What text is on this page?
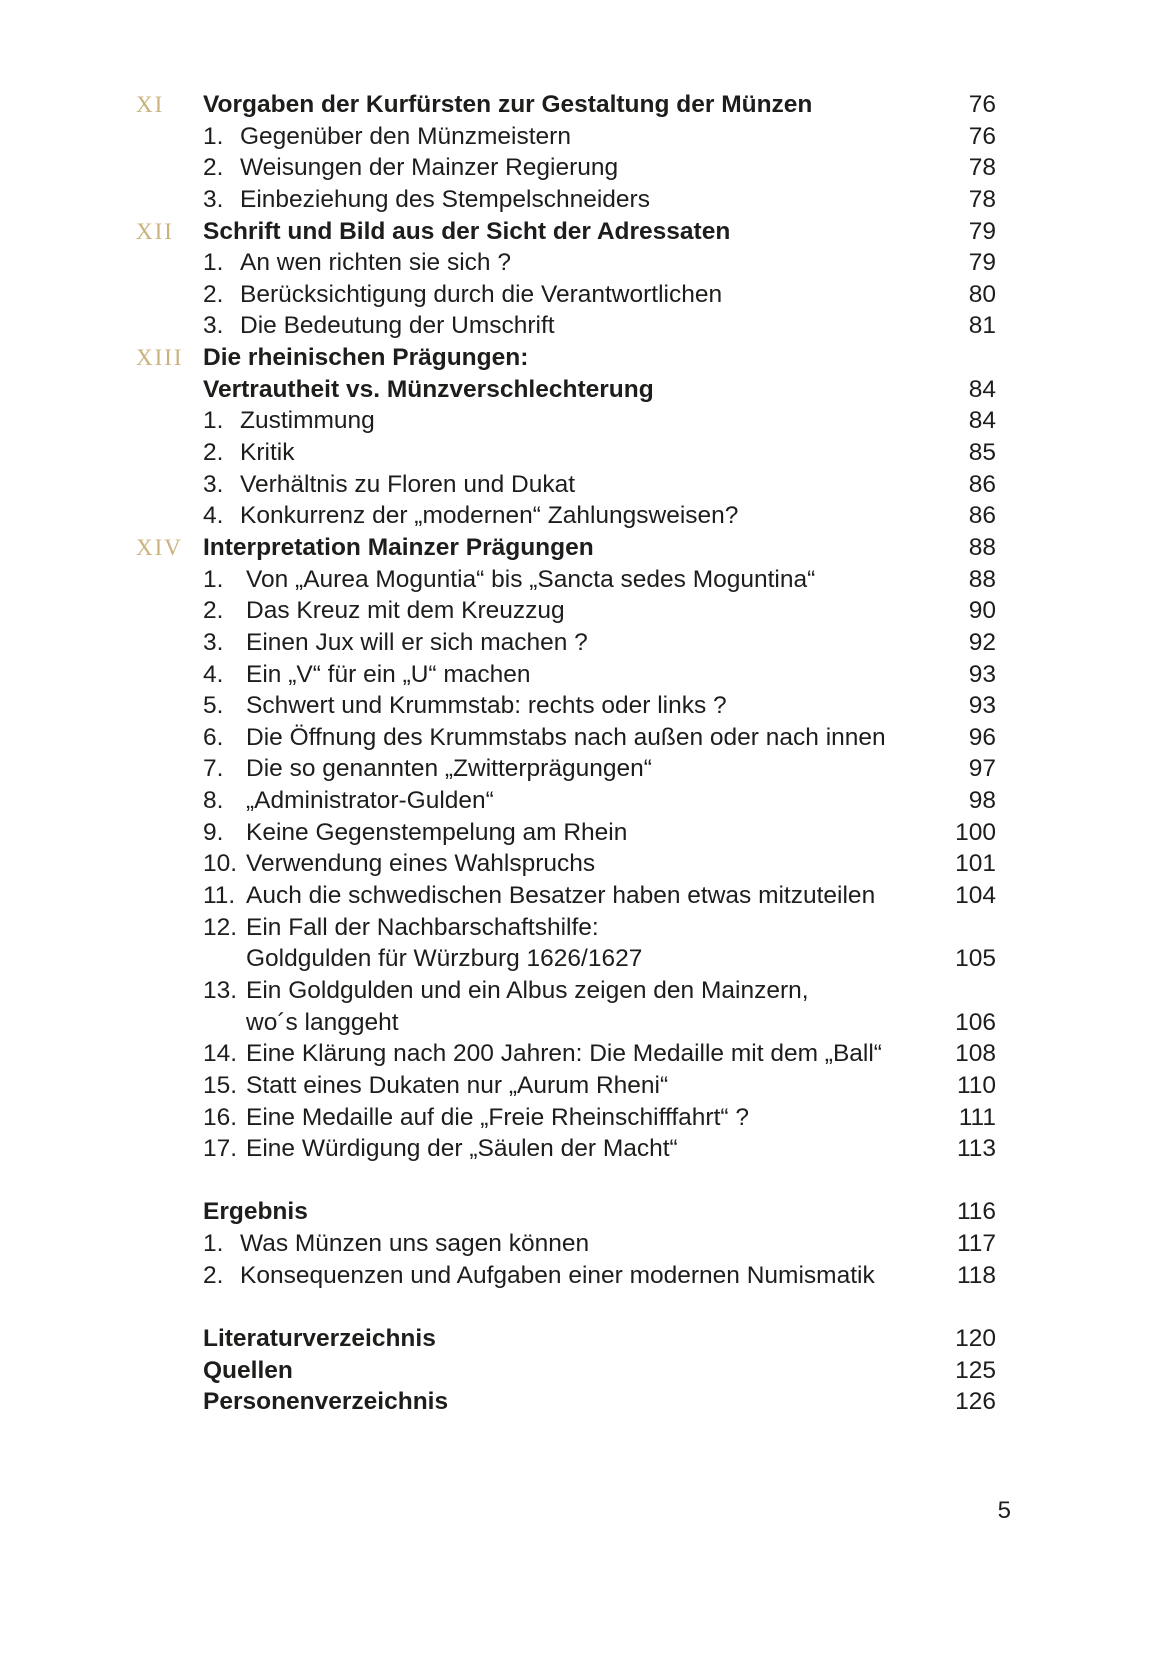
XI Vorgaben der Kurfürsten zur Gestaltung der Münzen	76
1. Gegenüber den Münzmeistern	76
2. Weisungen der Mainzer Regierung	78
3. Einbeziehung des Stempelschneiders	78
XII Schrift und Bild aus der Sicht der Adressaten	79
1. An wen richten sie sich ?	79
2. Berücksichtigung durch die Verantwortlichen	80
3. Die Bedeutung der Umschrift	81
XIII Die rheinischen Prägungen:
Vertrautheit vs. Münzverschlechterung	84
1. Zustimmung	84
2. Kritik	85
3. Verhältnis zu Floren und Dukat	86
4. Konkurrenz der „modernen“ Zahlungsweisen?	86
XIV Interpretation Mainzer Prägungen	88
1. Von „Aurea Moguntia“ bis „Sancta sedes Moguntina“	88
2. Das Kreuz mit dem Kreuzzug	90
3. Einen Jux will er sich machen ?	92
4. Ein „V“ für ein „U“ machen	93
5. Schwert und Krummstab: rechts oder links ?	93
6. Die Öffnung des Krummstabs nach außen oder nach innen	96
7. Die so genannten „Zwitterprägungen“	97
8. „Administrator-Gulden“	98
9. Keine Gegenstempelung am Rhein	100
10. Verwendung eines Wahlspruchs	101
11. Auch die schwedischen Besatzer haben etwas mitzuteilen	104
12. Ein Fall der Nachbarschaftshilfe:
Goldgulden für Würzburg 1626/1627	105
13. Ein Goldgulden und ein Albus zeigen den Mainzern,
wo´s langgeht	106
14. Eine Klärung nach 200 Jahren: Die Medaille mit dem „Ball“	108
15. Statt eines Dukaten nur „Aurum Rheni“	110
16. Eine Medaille auf die „Freie Rheinschifffahrt“ ?	111
17. Eine Würdigung der „Säulen der Macht“	113
Ergebnis	116
1. Was Münzen uns sagen können	117
2. Konsequenzen und Aufgaben einer modernen Numismatik	118
Literaturverzeichnis	120
Quellen	125
Personenverzeichnis	126
5
